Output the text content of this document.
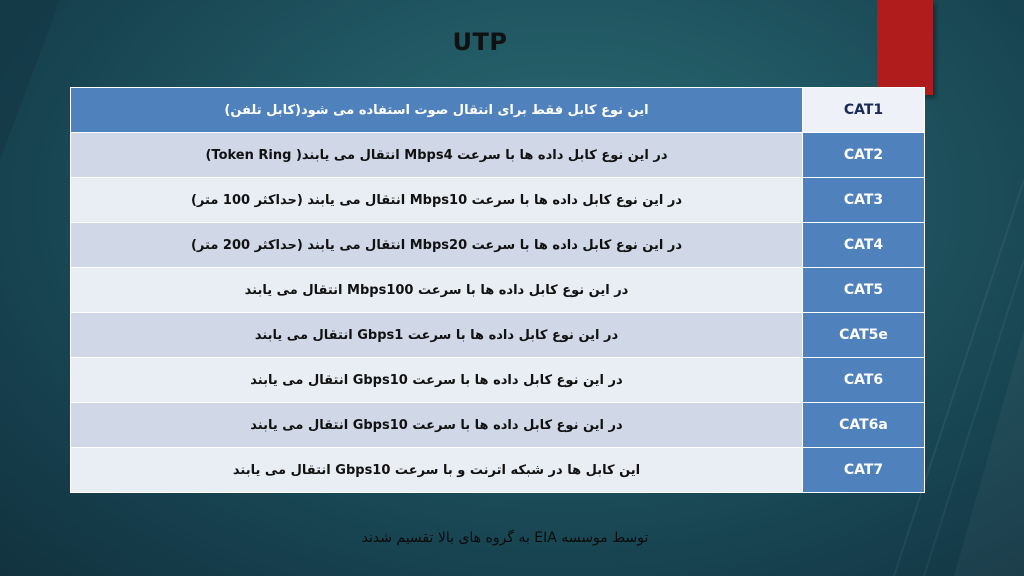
UTP
این نوع کابل فقط برای انتقال صوت استفاده می شود(کابل تلفن)	CAT1
در این نوع کابل داده ها با سرعت Mbps4 انتقال می یابند( Token Ring)	CAT2
در این نوع کابل داده ها با سرعت Mbps10 انتقال می یابند (حداکثر 100 متر)	CAT3
در این نوع کابل داده ها با سرعت Mbps20 انتقال می یابند (حداکثر 200 متر)	CAT4
در این نوع کابل داده ها با سرعت Mbps100 انتقال می یابند	CAT5
در این نوع کابل داده ها با سرعت Gbps1 انتقال می یابند	CAT5e
در این نوع کابل داده ها با سرعت Gbps10 انتقال می یابند	CAT6
در این نوع کابل داده ها با سرعت Gbps10 انتقال می یابند	CAT6a
این کابل ها در شبکه اترنت و با سرعت Gbps10 انتقال می یابند	CAT7
توسط موسسه EIA به گروه های بالا تقسیم شدند
